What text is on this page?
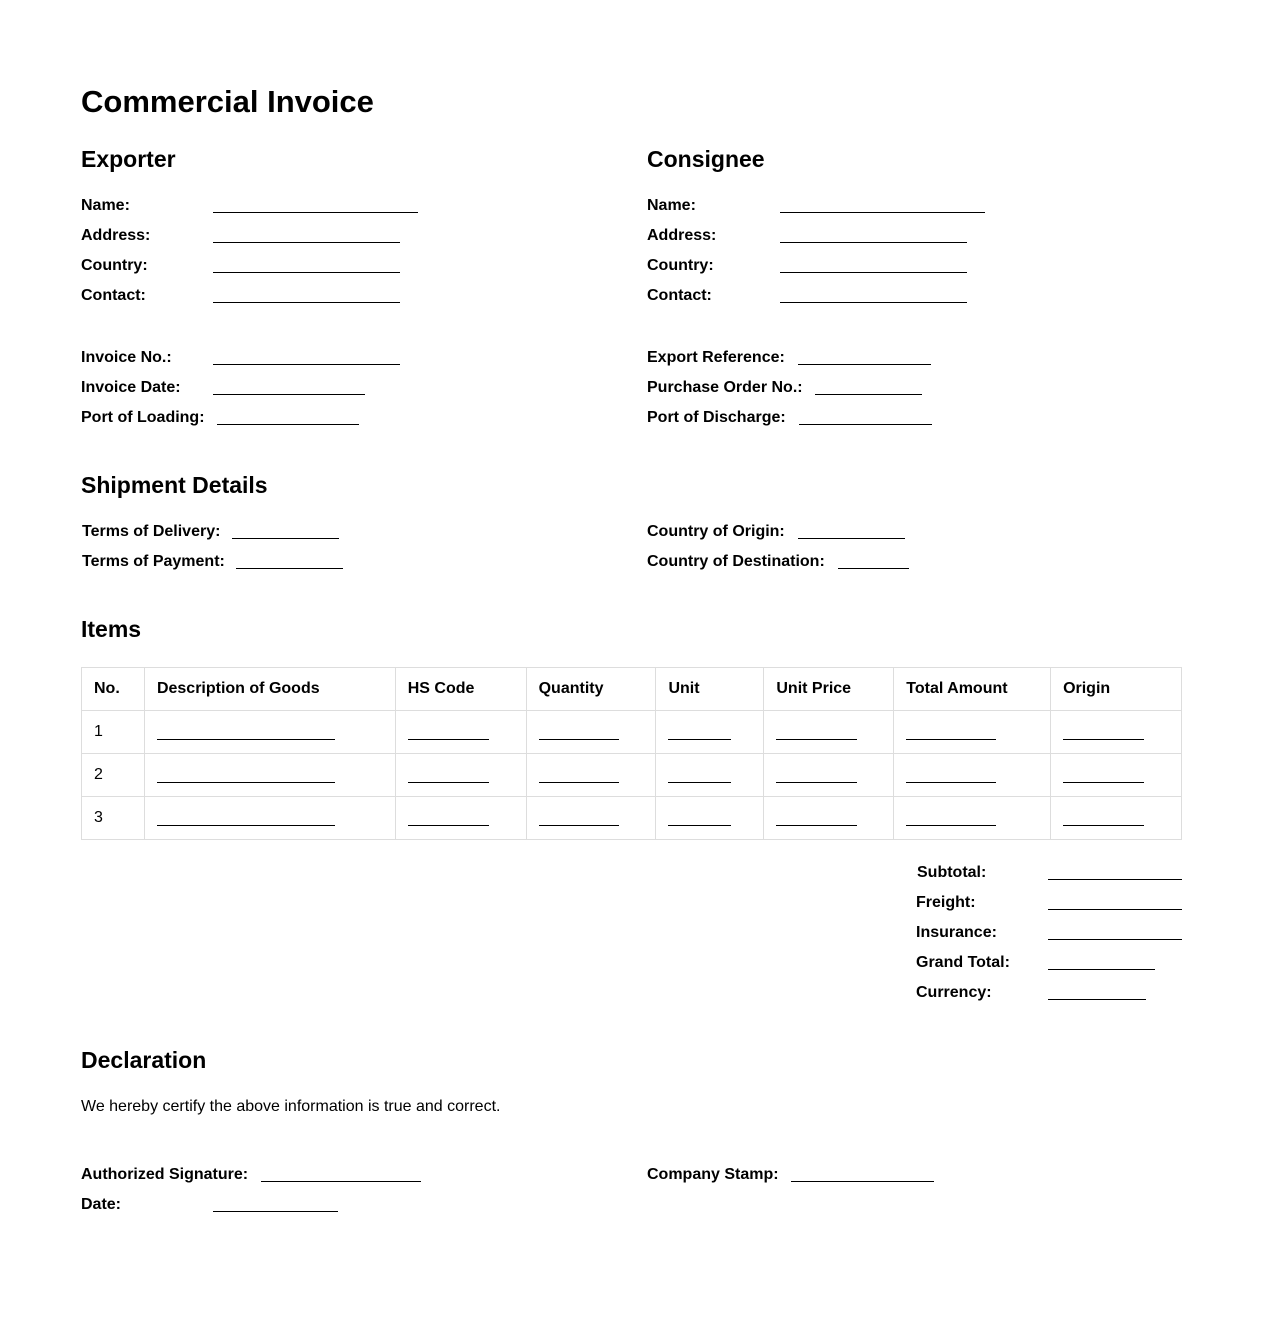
Commercial Invoice
Exporter
Name:
Address:
Country:
Contact:
Consignee
Name:
Address:
Country:
Contact:
Invoice No.:
Invoice Date:
Port of Loading:
Export Reference:
Purchase Order No.:
Port of Discharge:
Shipment Details
Terms of Delivery:
Terms of Payment:
Country of Origin:
Country of Destination:
Items
No.	Description of Goods	HS Code	Quantity	Unit	Unit Price	Total Amount	Origin
1	

2	

3	

Subtotal:
Freight:
Insurance:
Grand Total:
Currency:
Declaration
We hereby certify the above information is true and correct.
Authorized Signature:	Company Stamp:
Date:
